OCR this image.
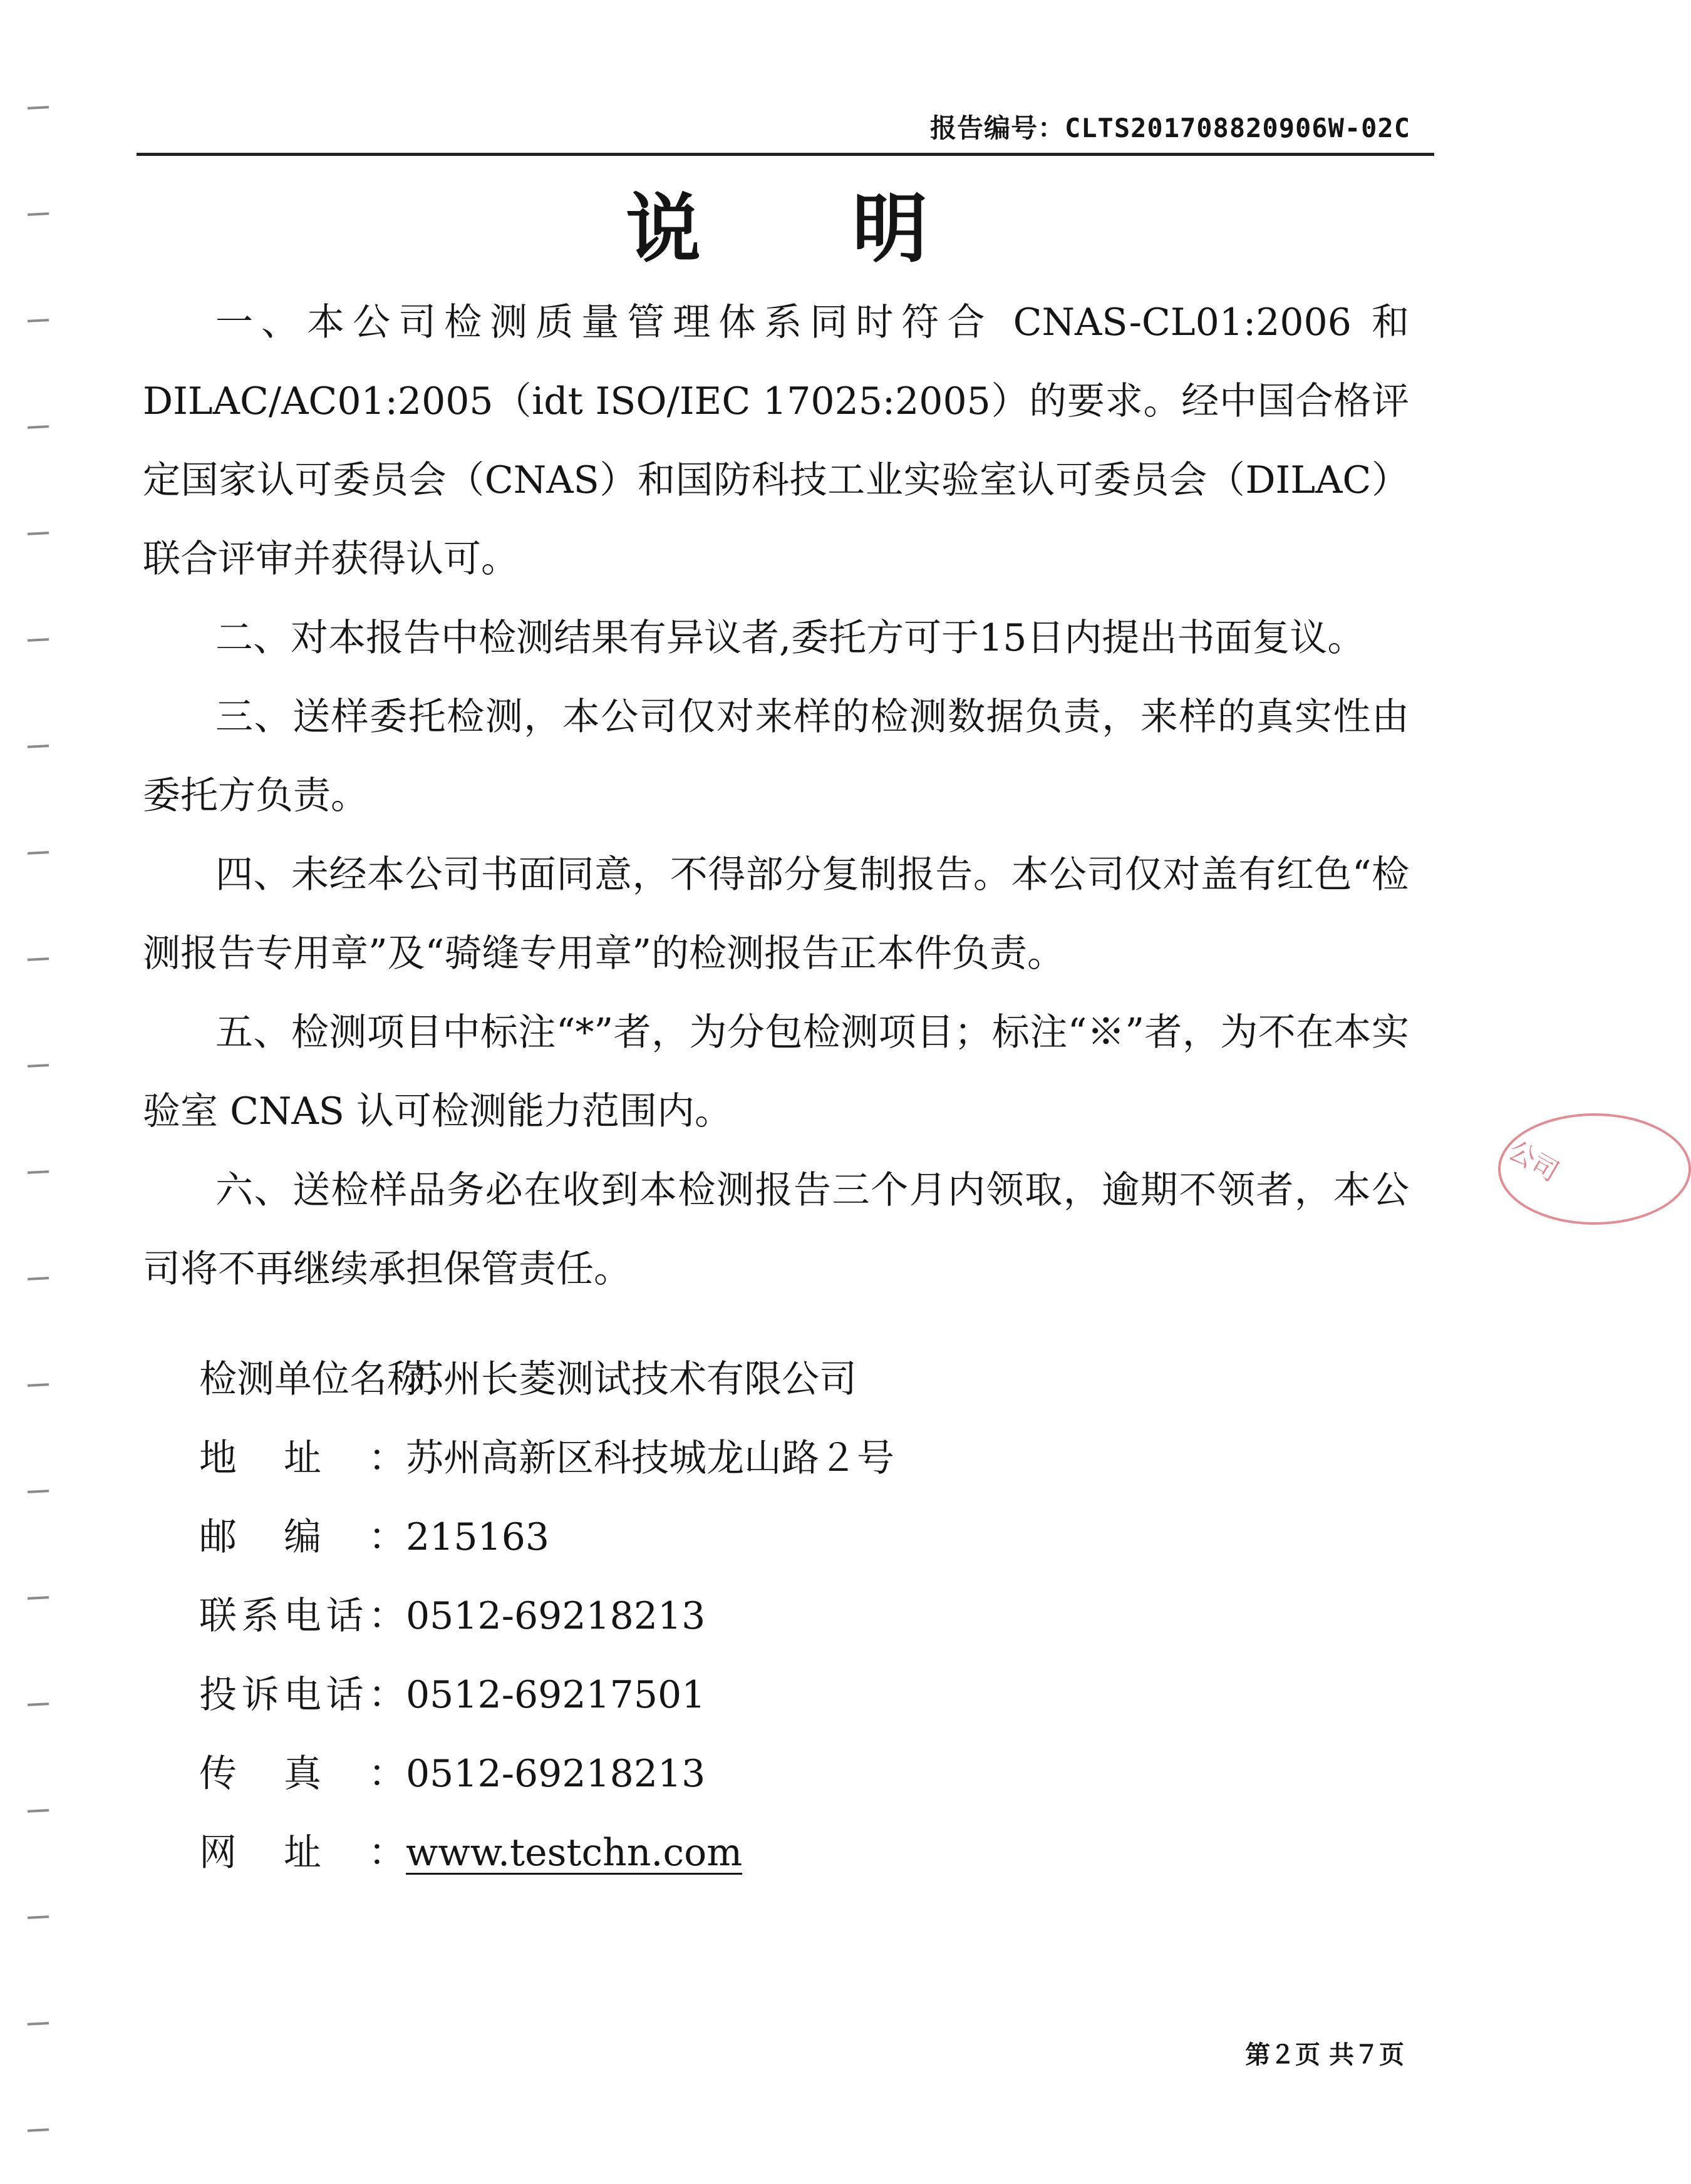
报告编号：CLTS201708820906W-02C
说 明

一、本公司检测质量管理体系同时符合 CNAS-CL01:2006 和 DILAC/AC01:2005（idt ISO/IEC 17025:2005）的要求。经中国合格评定国家认可委员会（CNAS）和国防科技工业实验室认可委员会（DILAC）联合评审并获得认可。

二、对本报告中检测结果有异议者,委托方可于15日内提出书面复议。

三、送样委托检测，本公司仅对来样的检测数据负责，来样的真实性由委托方负责。

四、未经本公司书面同意，不得部分复制报告。本公司仅对盖有红色“检测报告专用章”及“骑缝专用章”的检测报告正本件负责。

五、检测项目中标注“*”者，为分包检测项目；标注“※”者，为不在本实验室 CNAS 认可检测能力范围内。

六、送检样品务必在收到本检测报告三个月内领取，逾期不领者，本公司将不再继续承担保管责任。

检测单位名称：
苏州长菱测试技术有限公司
地址： 苏州高新区科技城龙山路２号
邮编： 215163
联系电话： 0512-69218213
投诉电话： 0512-69217501
传真： 0512-69218213
网址： www.testchn.com
第２页 共７页
公司
